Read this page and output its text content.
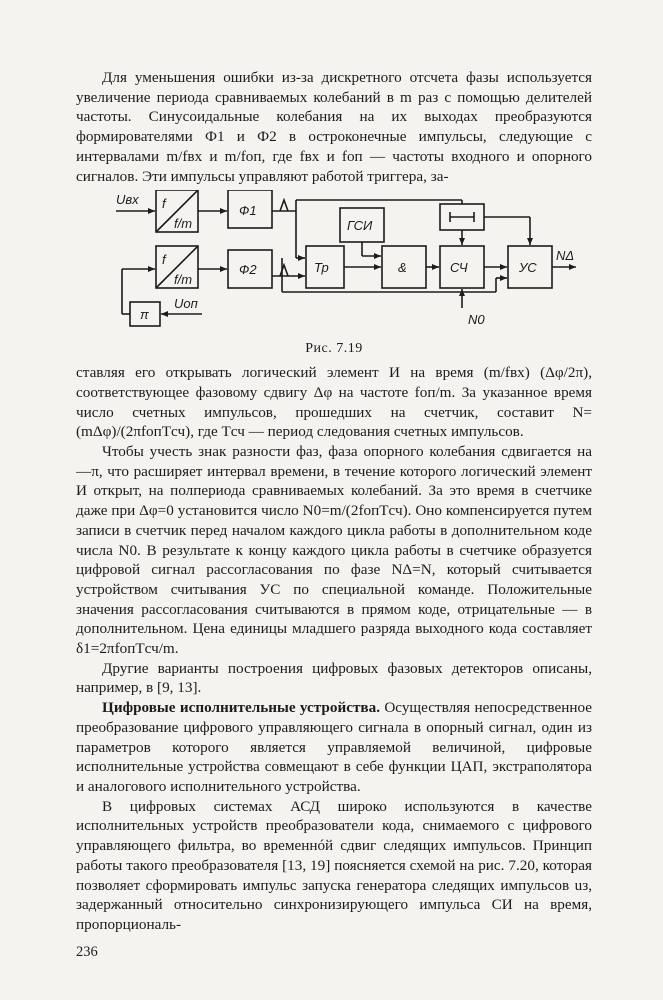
Для уменьшения ошибки из-за дискретного отсчета фазы используется увеличение периода сравниваемых колебаний в m раз с помощью делителей частоты. Синусоидальные колебания на их выходах преобразуются формирователями Ф1 и Ф2 в остроконечные импульсы, следующие с интервалами m/fвх и m/fоп, где fвх и fоп — частоты входного и опорного сигналов. Эти импульсы управляют работой триггера, за-

Uвх f
f/m
f
f/m
Ф1
Ф2	Тр
ГСИ
&	СЧ	УС
NΔ
N0
π
Uоп
Рис. 7.19

ставляя его открывать логический элемент И на время (m/fвх) (Δφ/2π), соответствующее фазовому сдвигу Δφ на частоте fоп/m. За указанное время число счетных импульсов, прошедших на счетчик, составит N=(mΔφ)/(2πfопTсч), где Tсч — период следования счетных импульсов.

Чтобы учесть знак разности фаз, фаза опорного колебания сдвигается на —π, что расширяет интервал времени, в течение которого логический элемент И открыт, на полпериода сравниваемых колебаний. За это время в счетчике даже при Δφ=0 установится число N0=m/(2fопTсч). Оно компенсируется путем записи в счетчик перед началом каждого цикла работы в дополнительном коде числа N0. В результате к концу каждого цикла работы в счетчике образуется цифровой сигнал рассогласования по фазе NΔ=N, который считывается устройством считывания УС по специальной команде. Положительные значения рассогласования считываются в прямом коде, отрицательные — в дополнительном. Цена единицы младшего разряда выходного кода составляет δ1=2πfопTсч/m.

Другие варианты построения цифровых фазовых детекторов описаны, например, в [9, 13].

Цифровые исполнительные устройства. Осуществляя непосредственное преобразование цифрового управляющего сигнала в опорный сигнал, один из параметров которого является управляемой величиной, цифровые исполнительные устройства совмещают в себе функции ЦАП, экстраполятора и аналогового исполнительного устройства.

В цифровых системах АСД широко используются в качестве исполнительных устройств преобразователи кода, снимаемого с цифрового управляющего фильтра, во временнóй сдвиг следящих импульсов. Принцип работы такого преобразователя [13, 19] поясняется схемой на рис. 7.20, которая позволяет сформировать импульс запуска генератора следящих импульсов uз, задержанный относительно синхронизирующего импульса СИ на время, пропорциональ-

236
